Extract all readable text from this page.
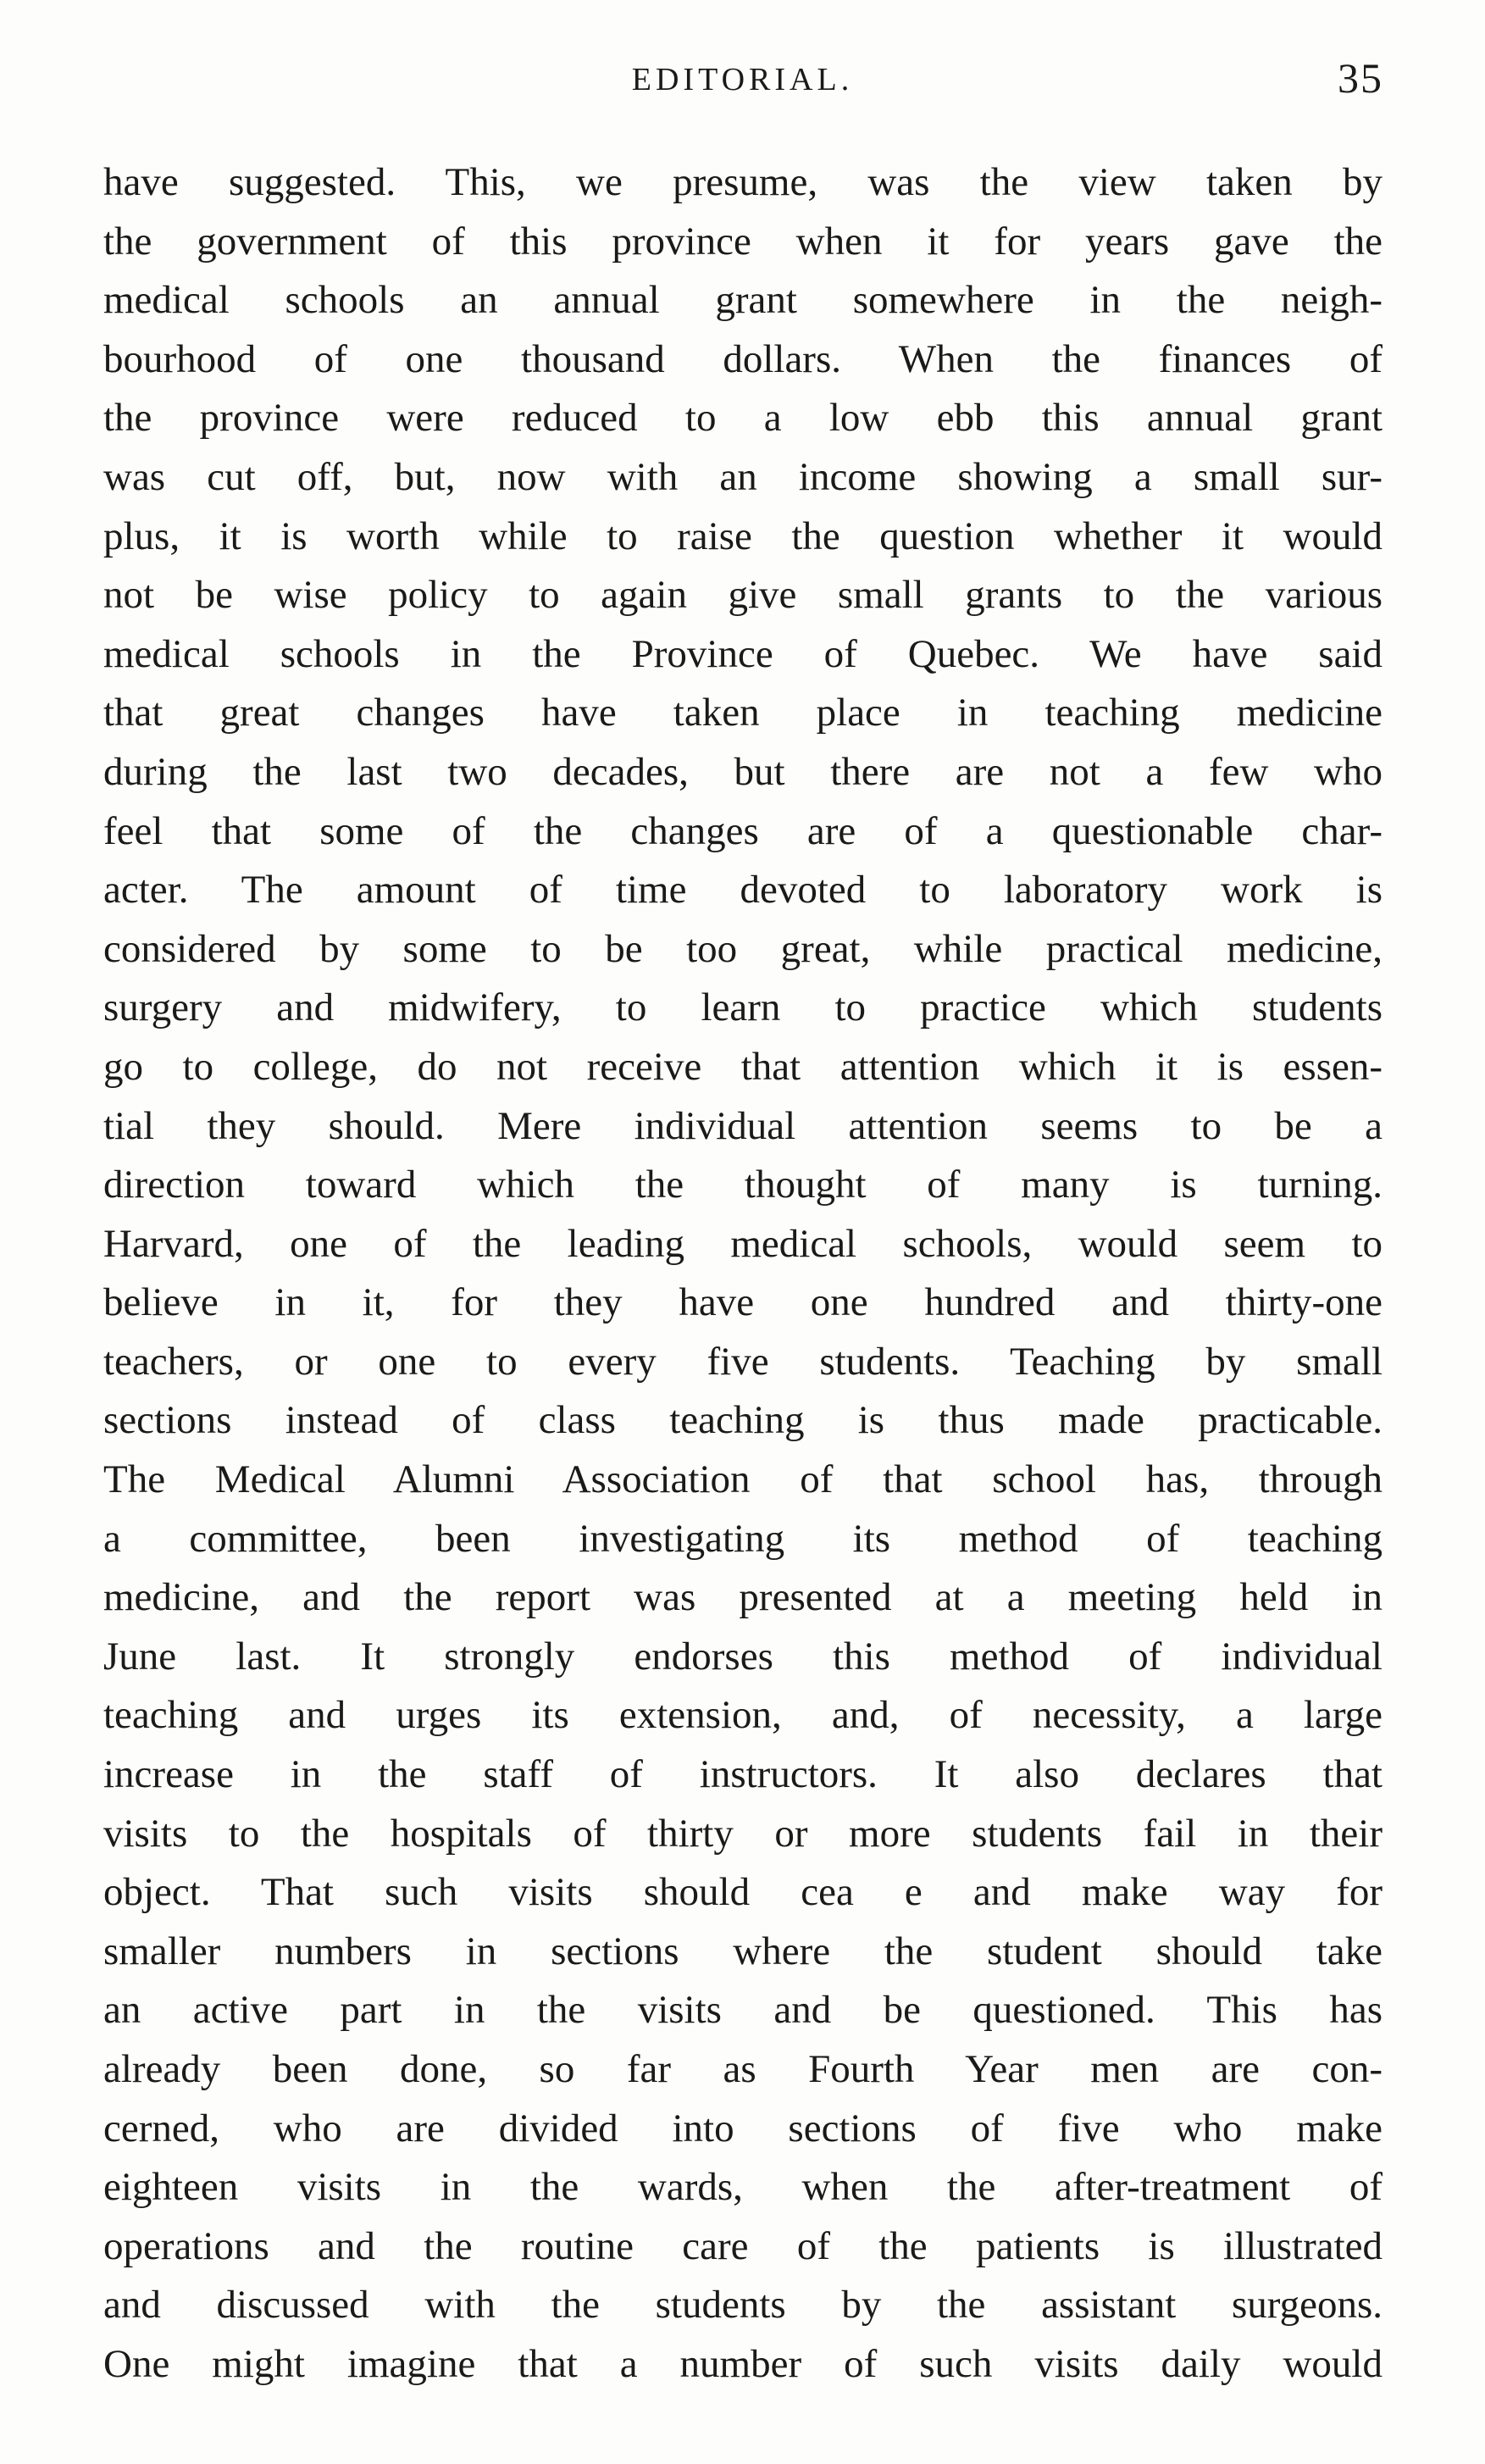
EDITORIAL.	35
have suggested. This, we presume, was the view taken by
the government of this province when it for years gave the
medical schools an annual grant somewhere in the neigh-
bourhood of one thousand dollars. When the finances of
the province were reduced to a low ebb this annual grant
was cut off, but, now with an income showing a small sur-
plus, it is worth while to raise the question whether it would
not be wise policy to again give small grants to the various
medical schools in the Province of Quebec. We have said
that great changes have taken place in teaching medicine
during the last two decades, but there are not a few who
feel that some of the changes are of a questionable char-
acter. The amount of time devoted to laboratory work is
considered by some to be too great, while practical medicine,
surgery and midwifery, to learn to practice which students
go to college, do not receive that attention which it is essen-
tial they should. Mere individual attention seems to be a
direction toward which the thought of many is turning.
Harvard, one of the leading medical schools, would seem to
believe in it, for they have one hundred and thirty-one
teachers, or one to every five students. Teaching by small
sections instead of class teaching is thus made practicable.
The Medical Alumni Association of that school has, through
a committee, been investigating its method of teaching
medicine, and the report was presented at a meeting held in
June last. It strongly endorses this method of individual
teaching and urges its extension, and, of necessity, a large
increase in the staff of instructors. It also declares that
visits to the hospitals of thirty or more students fail in their
object. That such visits should cea e and make way for
smaller numbers in sections where the student should take
an active part in the visits and be questioned. This has
already been done, so far as Fourth Year men are con-
cerned, who are divided into sections of five who make
eighteen visits in the wards, when the after-treatment of
operations and the routine care of the patients is illustrated
and discussed with the students by the assistant surgeons.
One might imagine that a number of such visits daily would
